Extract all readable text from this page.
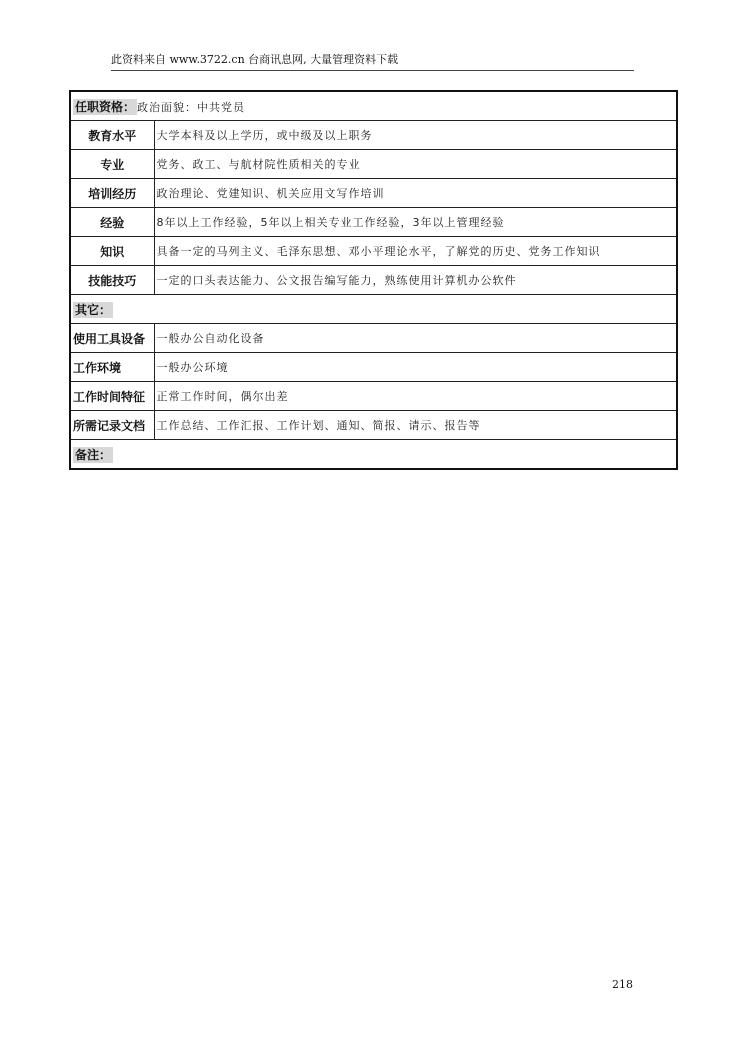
此资料来自 www.3722.cn 台商讯息网, 大量管理资料下载
任职资格： 政治面貌：中共党员	
教育水平	大学本科及以上学历，或中级及以上职务
专业	党务、政工、与航材院性质相关的专业
培训经历	政治理论、党建知识、机关应用文写作培训
经验	8年以上工作经验，5年以上相关专业工作经验，3年以上管理经验
知识	具备一定的马列主义、毛泽东思想、邓小平理论水平，了解党的历史、党务工作知识
技能技巧	一定的口头表达能力、公文报告编写能力，熟练使用计算机办公软件
其它：	
使用工具设备	一般办公自动化设备
工作环境	一般办公环境
工作时间特征	正常工作时间，偶尔出差
所需记录文档	工作总结、工作汇报、工作计划、通知、简报、请示、报告等
备注：	
218
